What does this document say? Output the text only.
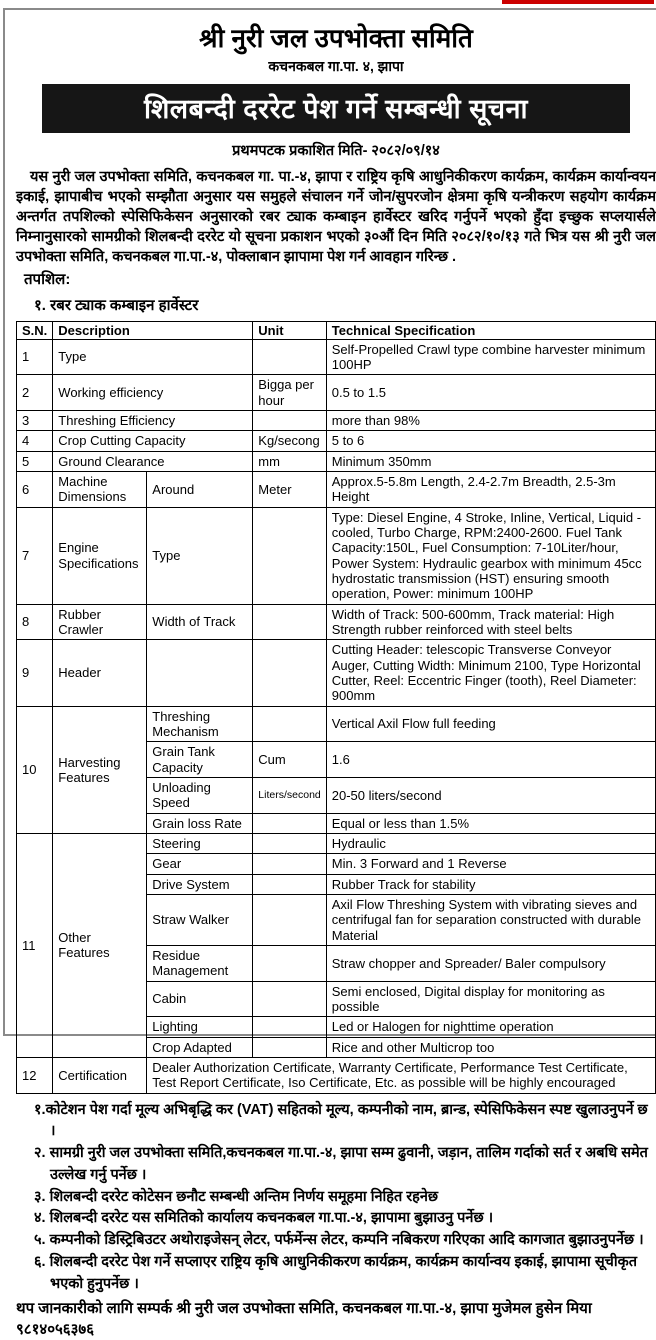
श्री नुरी जल उपभोक्ता समिति
कचनकबल गा.पा. ४, झापा
शिलबन्दी दररेट पेश गर्ने सम्बन्धी सूचना
प्रथमपटक प्रकाशित मिति- २०८२/०९/१४
यस नुरी जल उपभोक्ता समिति, कचनकबल गा. पा.-४, झापा र राष्ट्रिय कृषि आधुनिकीकरण कार्यक्रम, कार्यक्रम कार्यान्वयन इकाई, झापाबीच भएको सम्झौता अनुसार यस समुहले संचालन गर्ने जोन/सुपरजोन क्षेत्रमा कृषि यन्त्रीकरण सहयोग कार्यक्रम अन्तर्गत तपशिल्को स्पेसिफिकेसन अनुसारको रबर ट्याक कम्बाइन हार्वेस्टर खरिद गर्नुपर्ने भएको हुँदा इच्छुक सप्लयार्सले निम्नानुसारको सामग्रीको शिलबन्दी दररेट यो सूचना प्रकाशन भएको ३०औं दिन मिति २०८२/१०/१३ गते भित्र यस श्री नुरी जल उपभोक्ता समिति, कचनकबल गा.पा.-४, पोक्लाबान झापामा पेश गर्न आवहान गरिन्छ .
तपशिल:
१. रबर ट्याक कम्बाइन हार्वेस्टर
ठेक्का
S.N.	Description		Unit	Technical Specification
1	Type			Self-Propelled Crawl type combine harvester minimum 100HP
2	Working efficiency		Bigga per hour	0.5 to 1.5
3	Threshing Efficiency			more than 98%
4	Crop Cutting Capacity		Kg/secong	5 to 6
5	Ground Clearance		mm	Minimum 350mm
6	Machine Dimensions	Around	Meter	Approx.5-5.8m Length, 2.4-2.7m Breadth, 2.5-3m Height
7	Engine Specifications	Type		Type: Diesel Engine, 4 Stroke, Inline, Vertical, Liquid - cooled, Turbo Charge, RPM:2400-2600. Fuel Tank Capacity:150L, Fuel Consumption: 7-10Liter/hour, Power System: Hydraulic gearbox with minimum 45cc hydrostatic transmission (HST) ensuring smooth operation, Power: minimum 100HP
8	Rubber Crawler	Width of Track		Width of Track: 500-600mm, Track material: High Strength rubber reinforced with steel belts
9	Header			Cutting Header: telescopic Transverse Conveyor Auger, Cutting Width: Minimum 2100, Type Horizontal Cutter, Reel: Eccentric Finger (tooth), Reel Diameter: 900mm
10	Harvesting Features	Threshing Mechanism		Vertical Axil Flow full feeding
		Grain Tank Capacity	Cum	1.6
		Unloading Speed	Liters/second	20-50 liters/second
		Grain loss Rate		Equal or less than 1.5%
11	Other Features	Steering		Hydraulic
		Gear		Min. 3 Forward and 1 Reverse
		Drive System		Rubber Track for stability
		Straw Walker		Axil Flow Threshing System with vibrating sieves and centrifugal fan for separation constructed with durable Material
		Residue Management		Straw chopper and Spreader/ Baler compulsory
		Cabin		Semi enclosed, Digital display for monitoring as possible
		Lighting		Led or Halogen for nighttime operation
		Crop Adapted		Rice and other Multicrop too
12	Certification	Dealer Authorization Certificate, Warranty Certificate, Performance Test Certificate, Test Report Certificate, Iso Certificate, Etc. as possible will be highly encouraged		
१.कोटेशन पेश गर्दा मूल्य अभिबृद्धि कर (VAT) सहितको मूल्य, कम्पनीको नाम, ब्रान्ड, स्पेसिफिकेसन स्पष्ट खुलाउनुपर्ने छ ।
२. सामग्री नुरी जल उपभोक्ता समिति,कचनकबल गा.पा.-४, झापा सम्म ढुवानी, जड़ान, तालिम गर्दाको सर्त र अबधि समेत उल्लेख गर्नु पर्नेछ ।
३. शिलबन्दी दररेट कोटेसन छनौट सम्बन्धी अन्तिम निर्णय समूहमा निहित रहनेछ
४. शिलबन्दी दररेट यस समितिको कार्यालय कचनकबल गा.पा.-४, झापामा बुझाउनु पर्नेछ ।
५. कम्पनीको डिस्ट्रिबिउटर अथोराइजेसन् लेटर, पर्फर्मेन्स लेटर, कम्पनि नबिकरण गरिएका आदि कागजात बुझाउनुपर्नेछ ।
६. शिलबन्दी दररेट पेश गर्ने सप्लाएर राष्ट्रिय कृषि आधुनिकीकरण कार्यक्रम, कार्यक्रम कार्यान्वय इकाई, झापामा सूचीकृत भएको हुनुपर्नेछ ।
थप जानकारीको लागि सम्पर्क श्री नुरी जल उपभोक्ता समिति, कचनकबल गा.पा.-४, झापा मुजेमल हुसेन मिया ९८१४०५६३७६
